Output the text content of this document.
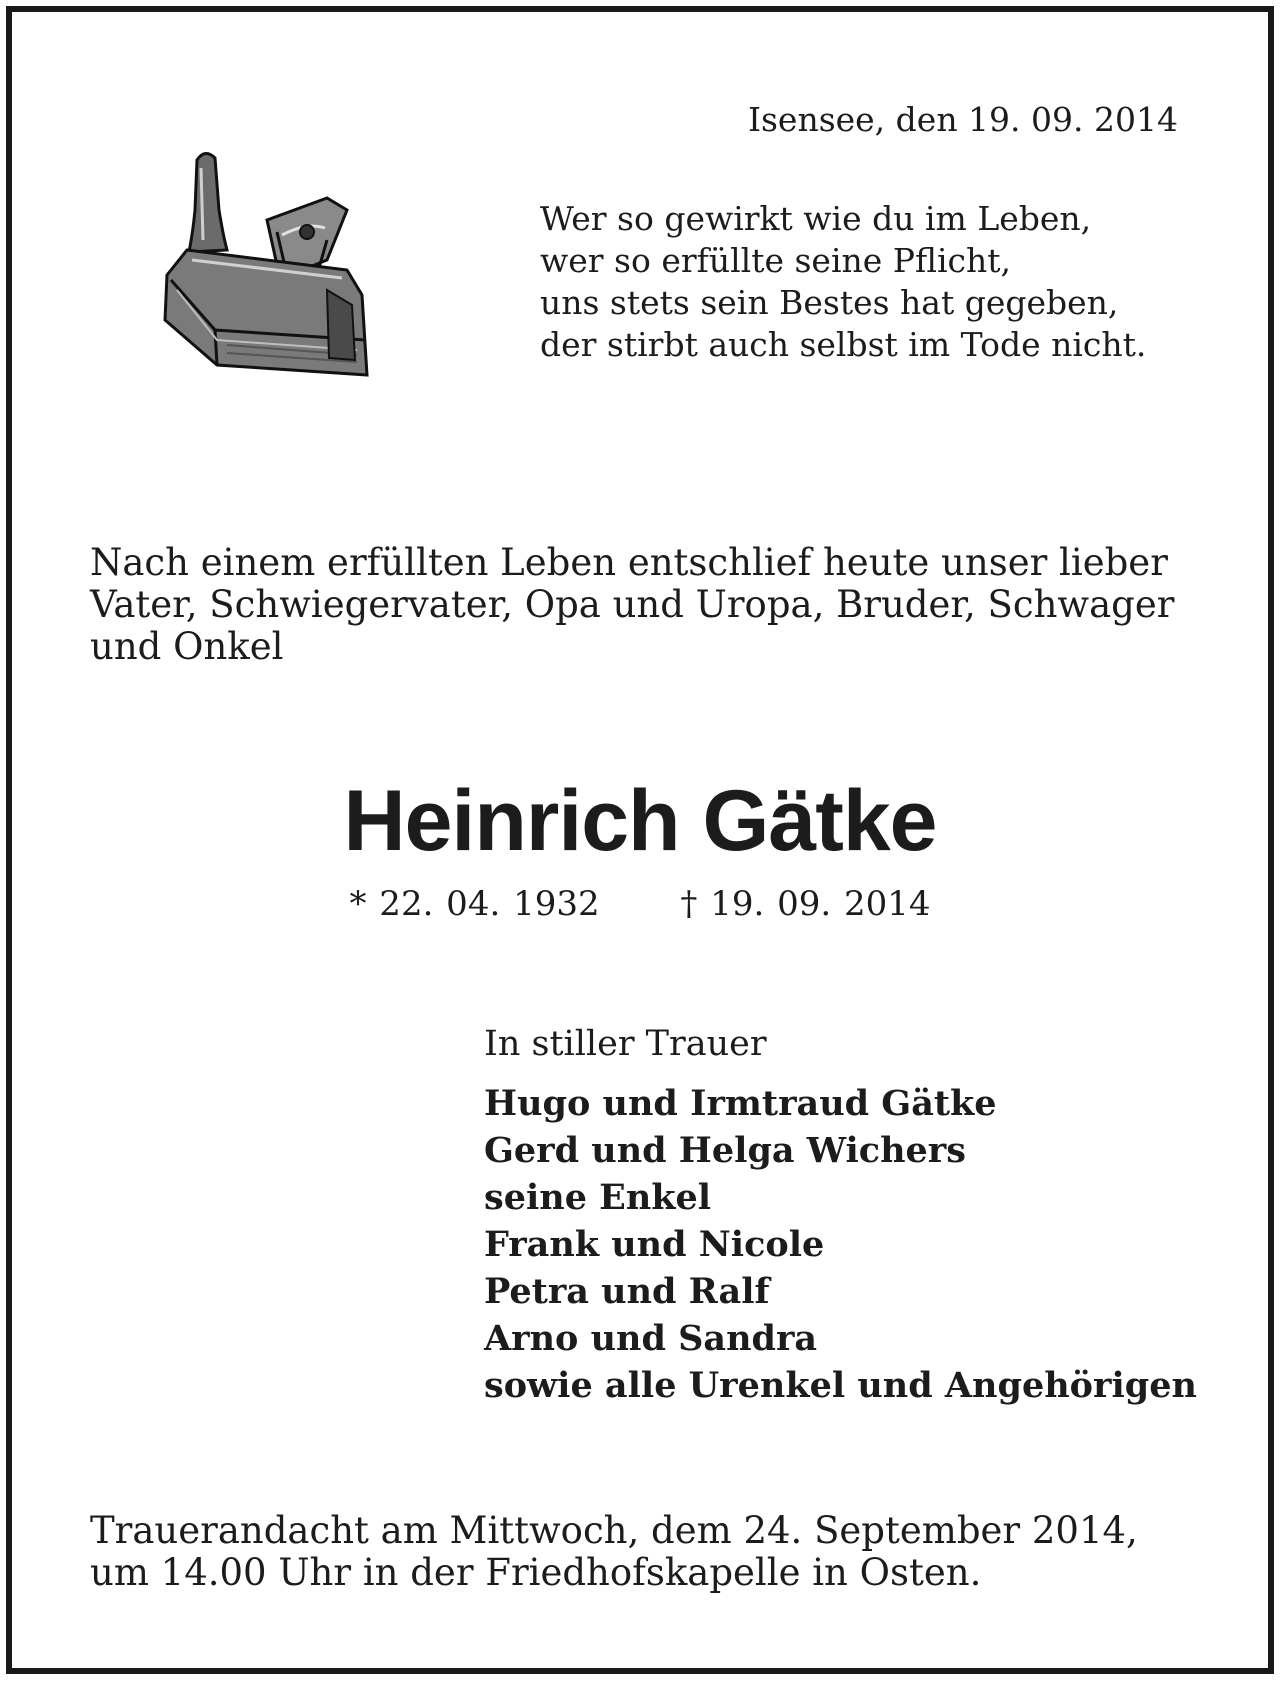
Isensee, den 19. 09. 2014
Wer so gewirkt wie du im Leben,
wer so erfüllte seine Pflicht,
uns stets sein Bestes hat gegeben,
der stirbt auch selbst im Tode nicht.
Nach einem erfüllten Leben entschlief heute unser lieber
Vater, Schwiegervater, Opa und Uropa, Bruder, Schwager
und Onkel
Heinrich Gätke
* 22. 04. 1932 † 19. 09. 2014
In stiller Trauer
Hugo und Irmtraud Gätke
Gerd und Helga Wichers
seine Enkel
Frank und Nicole
Petra und Ralf
Arno und Sandra
sowie alle Urenkel und Angehörigen
Trauerandacht am Mittwoch, dem 24. September 2014,
um 14.00 Uhr in der Friedhofskapelle in Osten.
